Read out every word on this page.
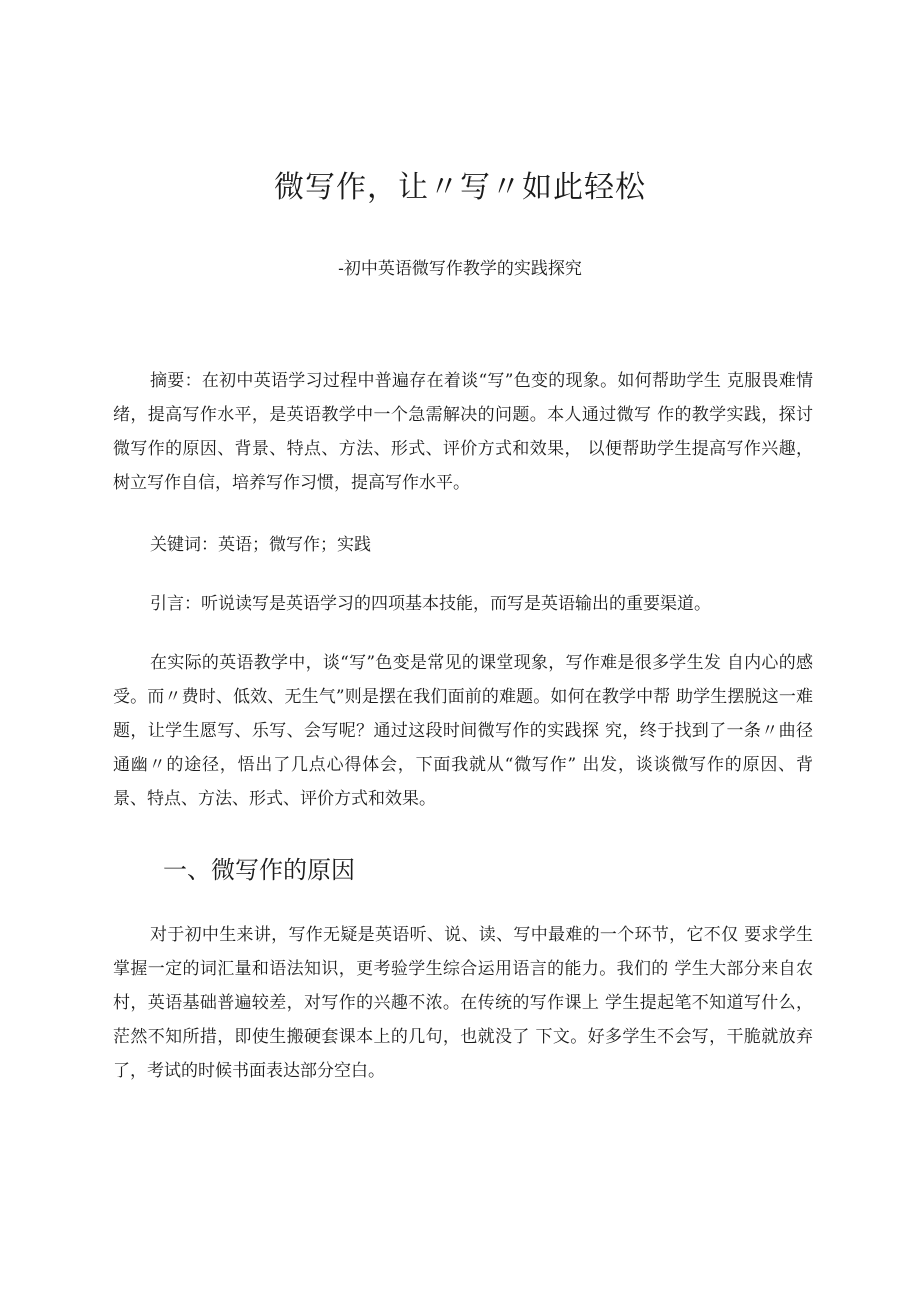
微写作，让〃写〃如此轻松

-初中英语微写作教学的实践探究

摘要：在初中英语学习过程中普遍存在着谈“写”色变的现象。如何帮助学生 克服畏难情绪，提高写作水平，是英语教学中一个急需解决的问题。本人通过微写 作的教学实践，探讨微写作的原因、背景、特点、方法、形式、评价方式和效果， 以便帮助学生提高写作兴趣，树立写作自信，培养写作习惯，提高写作水平。

关键词：英语；微写作；实践

引言：听说读写是英语学习的四项基本技能，而写是英语输出的重要渠道。

在实际的英语教学中，谈“写”色变是常见的课堂现象，写作难是很多学生发 自内心的感受。而〃费时、低效、无生气”则是摆在我们面前的难题。如何在教学中帮 助学生摆脱这一难题，让学生愿写、乐写、会写呢？通过这段时间微写作的实践探 究，终于找到了一条〃曲径通幽〃的途径，悟出了几点心得体会，下面我就从“微写作” 出发，谈谈微写作的原因、背景、特点、方法、形式、评价方式和效果。

一、微写作的原因

对于初中生来讲，写作无疑是英语听、说、读、写中最难的一个环节，它不仅 要求学生掌握一定的词汇量和语法知识，更考验学生综合运用语言的能力。我们的 学生大部分来自农村，英语基础普遍较差，对写作的兴趣不浓。在传统的写作课上 学生提起笔不知道写什么，茫然不知所措，即使生搬硬套课本上的几句，也就没了 下文。好多学生不会写，干脆就放弃了，考试的时候书面表达部分空白。
